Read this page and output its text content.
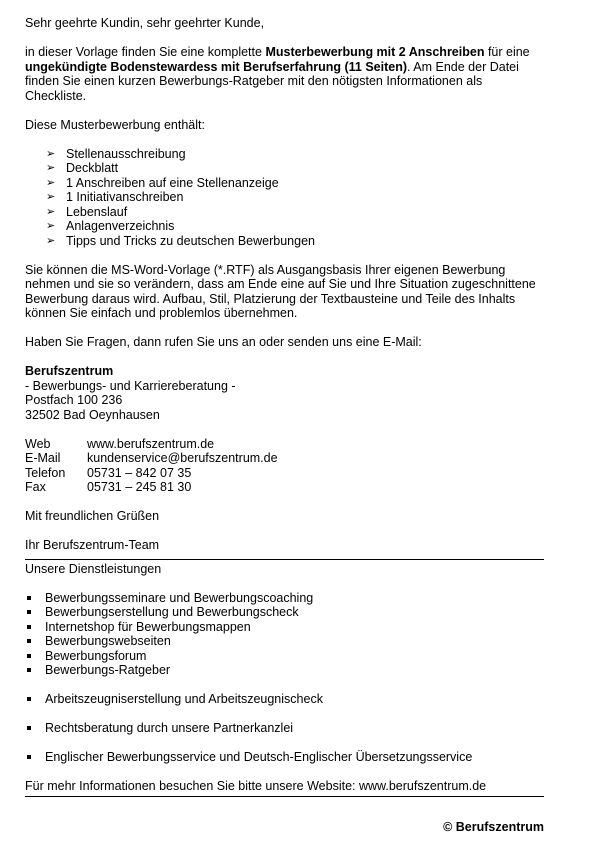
Sehr geehrte Kundin, sehr geehrter Kunde,

in dieser Vorlage finden Sie eine komplette Musterbewerbung mit 2 Anschreiben für eine
ungekündigte Bodenstewardess mit Berufserfahrung (11 Seiten). Am Ende der Datei
finden Sie einen kurzen Bewerbungs-Ratgeber mit den nötigsten Informationen als
Checkliste.

Diese Musterbewerbung enthält:

➢ Stellenausschreibung
➢ Deckblatt
➢ 1 Anschreiben auf eine Stellenanzeige
➢ 1 Initiativanschreiben
➢ Lebenslauf
➢ Anlagenverzeichnis
➢ Tipps und Tricks zu deutschen Bewerbungen

Sie können die MS-Word-Vorlage (*.RTF) als Ausgangsbasis Ihrer eigenen Bewerbung
nehmen und sie so verändern, dass am Ende eine auf Sie und Ihre Situation zugeschnittene
Bewerbung daraus wird. Aufbau, Stil, Platzierung der Textbausteine und Teile des Inhalts
können Sie einfach und problemlos übernehmen.

Haben Sie Fragen, dann rufen Sie uns an oder senden uns eine E-Mail:

Berufszentrum
- Bewerbungs- und Karriereberatung -
Postfach 100 236
32502 Bad Oeynhausen

Web	www.berufszentrum.de
E-Mail	kundenservice@berufszentrum.de
Telefon	05731 – 842 07 35
Fax	05731 – 245 81 30

Mit freundlichen Grüßen

Ihr Berufszentrum-Team

Unsere Dienstleistungen

Bewerbungsseminare und Bewerbungscoaching
Bewerbungserstellung und Bewerbungscheck
Internetshop für Bewerbungsmappen
Bewerbungswebseiten
Bewerbungsforum
Bewerbungs-Ratgeber
Arbeitszeugniserstellung und Arbeitszeugnischeck
Rechtsberatung durch unsere Partnerkanzlei
Englischer Bewerbungsservice und Deutsch-Englischer Übersetzungsservice

Für mehr Informationen besuchen Sie bitte unsere Website: www.berufszentrum.de

© Berufszentrum
